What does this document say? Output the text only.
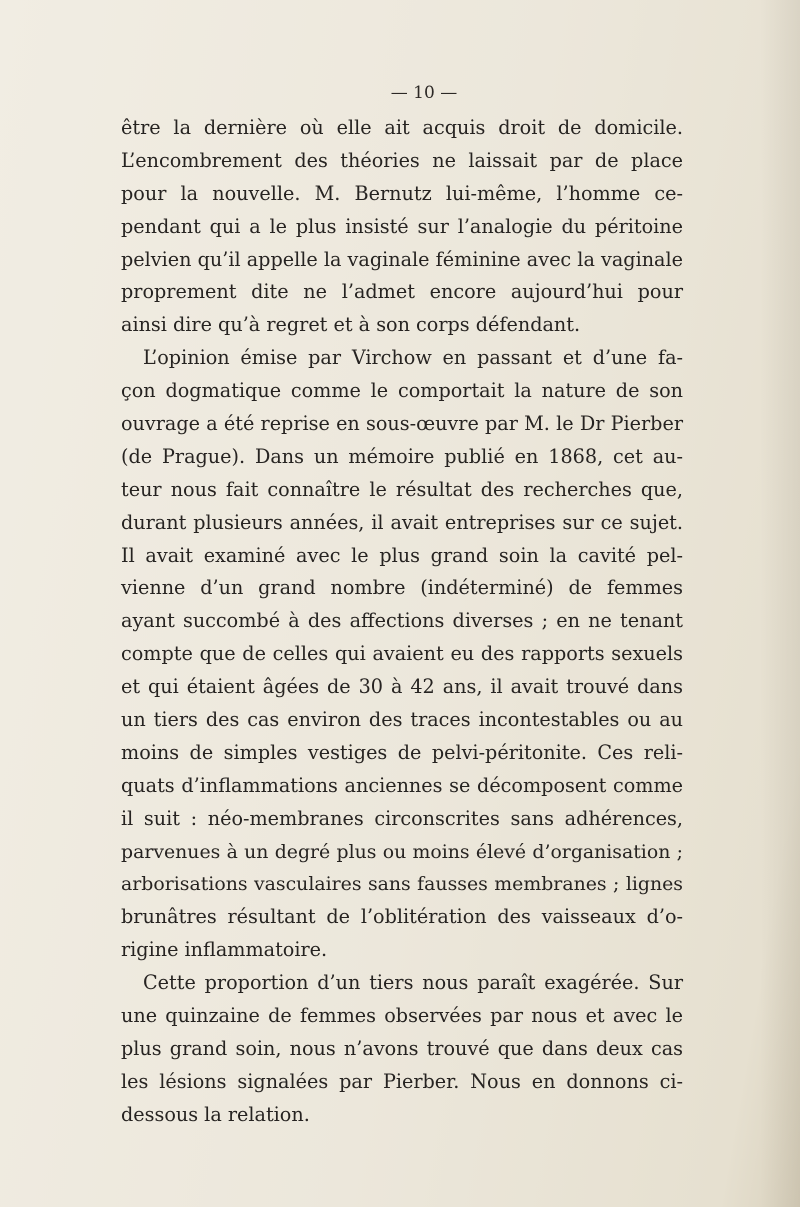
— 10 —
être la dernière où elle ait acquis droit de domicile.
L’encombrement des théories ne laissait par de place
pour la nouvelle. M. Bernutz lui-même, l’homme ce-
pendant qui a le plus insisté sur l’analogie du péritoine
pelvien qu’il appelle la vaginale féminine avec la vaginale
proprement dite ne l’admet encore aujourd’hui pour
ainsi dire qu’à regret et à son corps défendant.
L’opinion émise par Virchow en passant et d’une fa-
çon dogmatique comme le comportait la nature de son
ouvrage a été reprise en sous-œuvre par M. le Dr Pierber
(de Prague). Dans un mémoire publié en 1868, cet au-
teur nous fait connaître le résultat des recherches que,
durant plusieurs années, il avait entreprises sur ce sujet.
Il avait examiné avec le plus grand soin la cavité pel-
vienne d’un grand nombre (indéterminé) de femmes
ayant succombé à des affections diverses ; en ne tenant
compte que de celles qui avaient eu des rapports sexuels
et qui étaient âgées de 30 à 42 ans, il avait trouvé dans
un tiers des cas environ des traces incontestables ou au
moins de simples vestiges de pelvi-péritonite. Ces reli-
quats d’inflammations anciennes se décomposent comme
il suit : néo-membranes circonscrites sans adhérences,
parvenues à un degré plus ou moins élevé d’organisation ;
arborisations vasculaires sans fausses membranes ; lignes
brunâtres résultant de l’oblitération des vaisseaux d’o-
rigine inflammatoire.
Cette proportion d’un tiers nous paraît exagérée. Sur
une quinzaine de femmes observées par nous et avec le
plus grand soin, nous n’avons trouvé que dans deux cas
les lésions signalées par Pierber. Nous en donnons ci-
dessous la relation.
